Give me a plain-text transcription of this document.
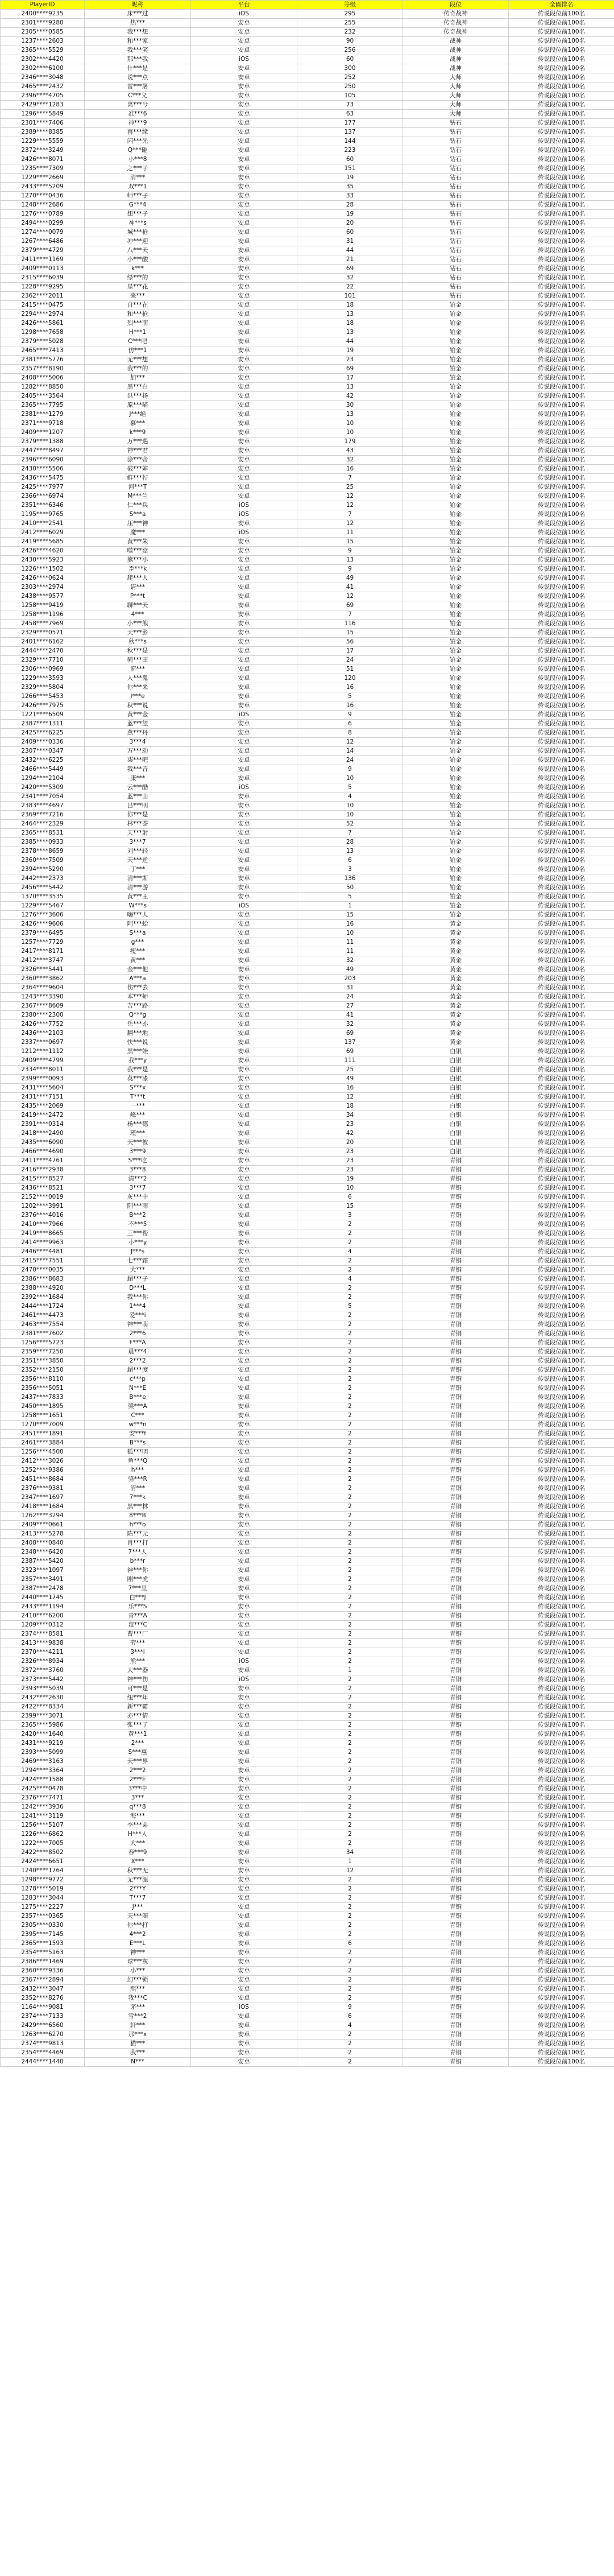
PlayerID	昵称	平台	等级	段位	全國排名
2400****9235	床***过	iOS	295	传奇战神	传说段位前100名
2301****9280	热***	安卓	255	传奇战神	传说段位前100名
2305****0585	我***想	安卓	232	传奇战神	传说段位前100名
1237****2603	和***家	安卓	90	战神	传说段位前100名
2365****5529	我***笑	安卓	256	战神	传说段位前100名
2302****4420	那***我	iOS	60	战神	传说段位前100名
2302****6100	什***是	安卓	300	战神	传说段位前100名
2346****3048	说***点	安卓	252	大师	传说段位前100名
2465****2432	雷***屠	安卓	250	大师	传说段位前100名
2396****4705	C***义	安卓	105	大师	传说段位前100名
2429****1283	离***兮	安卓	73	大师	传说段位前100名
1296****5849	准***6	安卓	63	大师	传说段位前100名
2301****7406	神***9	安卓	177	钻石	传说段位前100名
2389****8385	再***缘	安卓	137	钻石	传说段位前100名
1229****5559	闪***光	安卓	144	钻石	传说段位前100名
2372****3249	Q***碰	安卓	223	钻石	传说段位前100名
2426****8071	小***8	安卓	60	钻石	传说段位前100名
1235****7309	之***子	安卓	151	钻石	传说段位前100名
1229****2669	清***	安卓	19	钻石	传说段位前100名
2433****5209	双***1	安卓	35	钻石	传说段位前100名
1270****0436	师***子	安卓	33	钻石	传说段位前100名
1248****2686	G***4	安卓	28	钻石	传说段位前100名
1276****0789	想***子	安卓	19	钻石	传说段位前100名
2494****0299	神***s	安卓	20	钻石	传说段位前100名
1274****0079	城***枪	安卓	60	钻石	传说段位前100名
1267****6486	冲***迎	安卓	31	钻石	传说段位前100名
2379****4729	八***天	安卓	44	钻石	传说段位前100名
2411****1169	小***酸	安卓	21	钻石	传说段位前100名
2409****0113	k***	安卓	69	钻石	传说段位前100名
2315****6039	绿***的	安卓	32	钻石	传说段位前100名
1228****9295	星***花	安卓	22	钻石	传说段位前100名
2362****2011	来***	安卓	101	钻石	传说段位前100名
2415****0475	自***在	安卓	18	铂金	传说段位前100名
2294****2974	和***枪	安卓	13	铂金	传说段位前100名
2426****5861	烈***萌	安卓	18	铂金	传说段位前100名
1298****7658	H***1	安卓	13	铂金	传说段位前100名
2379****5028	C***吧	安卓	44	铂金	传说段位前100名
2465****7413	仿***1	安卓	19	铂金	传说段位前100名
2381****5776	无***想	安卓	23	铂金	传说段位前100名
2357****8190	我***的	安卓	69	铂金	传说段位前100名
2408****5006	加***	安卓	17	铂金	传说段位前100名
1282****8850	黑***白	安卓	13	铂金	传说段位前100名
2405****3564	洪***扬	安卓	42	铂金	传说段位前100名
2365****7795	原***喵	安卓	30	铂金	传说段位前100名
2381****1279	J***绝	安卓	13	铂金	传说段位前100名
2371****9718	慕***	安卓	10	铂金	传说段位前100名
2409****1207	k***9	安卓	10	铂金	传说段位前100名
2379****1388	万***遇	安卓	179	铂金	传说段位前100名
2447****8497	神***君	安卓	43	铂金	传说段位前100名
2396****6090	涂***帝	安卓	32	铂金	传说段位前100名
2430****5506	破***婶	安卓	16	铂金	传说段位前100名
2436****5475	鲜***柠	安卓	7	铂金	传说段位前100名
2425****7977	河***T	安卓	25	铂金	传说段位前100名
2366****6974	M***兰	安卓	12	铂金	传说段位前100名
2351****6346	仁***兵	iOS	12	铂金	传说段位前100名
1195****9765	S***a	iOS	7	铂金	传说段位前100名
2410****2541	压***神	安卓	12	铂金	传说段位前100名
2412****6029	魔***	iOS	11	铂金	传说段位前100名
2419****5685	黄***朱	安卓	15	铂金	传说段位前100名
2426****4620	噬***菇	安卓	9	铂金	传说段位前100名
2430****5923	熊***小	安卓	13	铂金	传说段位前100名
1226****1502	歪***k	安卓	9	铂金	传说段位前100名
2426****0624	爬***人	安卓	49	铂金	传说段位前100名
2303****2974	请***	安卓	41	铂金	传说段位前100名
2438****9577	P***t	安卓	12	铂金	传说段位前100名
1258****9419	聊***天	安卓	69	铂金	传说段位前100名
1258****1196	4***	安卓	7	铂金	传说段位前100名
2458****7969	小***熊	安卓	116	铂金	传说段位前100名
2329****0571	天***影	安卓	15	铂金	传说段位前100名
2401****6162	秋***s	安卓	56	铂金	传说段位前100名
2444****2470	秋***是	安卓	17	铂金	传说段位前100名
2329****7710	骑***田	安卓	24	铂金	传说段位前100名
2306****0969	窗***	安卓	51	铂金	传说段位前100名
1229****3593	人***鬼	安卓	120	铂金	传说段位前100名
2329****5804	你***来	安卓	16	铂金	传说段位前100名
1266****5453	I***e	安卓	5	铂金	传说段位前100名
2426****7975	秋***说	安卓	16	铂金	传说段位前100名
1221****6509	黄***金	iOS	9	铂金	传说段位前100名
2387****1311	蓝***望	安卓	6	铂金	传说段位前100名
2425****6225	燕***丹	安卓	8	铂金	传说段位前100名
2409****0336	3***4	安卓	12	铂金	传说段位前100名
2307****0347	万***动	安卓	14	铂金	传说段位前100名
2432****6225	柒***吧	安卓	24	铂金	传说段位前100名
2466****5449	我***音	安卓	9	铂金	传说段位前100名
1294****2104	康***	安卓	10	铂金	传说段位前100名
2420****5309	云***酷	iOS	5	铂金	传说段位前100名
2341****7054	蓝***山	安卓	4	铂金	传说段位前100名
2383****4697	吕***明	安卓	10	铂金	传说段位前100名
2369****7216	你***是	安卓	10	铂金	传说段位前100名
2464****2329	林***茶	安卓	52	铂金	传说段位前100名
2365****8531	天***射	安卓	7	铂金	传说段位前100名
2385****0933	3***7	安卓	28	铂金	传说段位前100名
2378****8659	刘***轻	安卓	13	铂金	传说段位前100名
2360****7509	天***逆	安卓	6	铂金	传说段位前100名
2394****5290	丁***	安卓	3	铂金	传说段位前100名
2442****2373	清***斯	安卓	136	铂金	传说段位前100名
2456****5442	清***游	安卓	50	铂金	传说段位前100名
1370****3535	黄***王	安卓	5	铂金	传说段位前100名
1229****5467	W***s	iOS	1	铂金	传说段位前100名
1276****3606	嗨***人	安卓	15	铂金	传说段位前100名
2426****9606	阿***蛤	安卓	16	黄金	传说段位前100名
2379****6495	S***a	安卓	10	黄金	传说段位前100名
1257****7729	g***	安卓	11	黄金	传说段位前100名
2417****8171	瘦***	安卓	11	黄金	传说段位前100名
2412****3747	黄***	安卓	32	黄金	传说段位前100名
2326****5441	金***他	安卓	49	黄金	传说段位前100名
2360****3862	A***a	安卓	203	黄金	传说段位前100名
2364****9604	伤***去	安卓	31	黄金	传说段位前100名
1243****3390	本***师	安卓	24	黄金	传说段位前100名
2367****8609	苦***路	安卓	27	黄金	传说段位前100名
2380****2300	Q***g	安卓	41	黄金	传说段位前100名
2426****7752	岳***亦	安卓	32	黄金	传说段位前100名
2436****2103	翻***地	安卓	69	黄金	传说段位前100名
2337****0697	快***说	安卓	137	黄金	传说段位前100名
1212****1112	黑***娃	安卓	69	白银	传说段位前100名
2409****4799	我***y	安卓	111	白银	传说段位前100名
2334****8011	我***是	安卓	25	白银	传说段位前100名
2399****0093	莫***漆	安卓	49	白银	传说段位前100名
2431****5604	S***x	安卓	16	白银	传说段位前100名
2431****7151	T***t	安卓	12	白银	传说段位前100名
2435****2069	一***	安卓	18	白银	传说段位前100名
2419****2472	峰***	安卓	34	白银	传说段位前100名
2391****0314	杨***德	安卓	23	白银	传说段位前100名
2418****2490	瑾***	安卓	42	白银	传说段位前100名
2435****6090	天***彼	安卓	20	白银	传说段位前100名
2466****4690	3***9	安卓	23	白银	传说段位前100名
2411****4761	S***吃	安卓	23	青铜	传说段位前100名
2416****2938	3***8	安卓	23	青铜	传说段位前100名
2415****8527	清***2	安卓	19	青铜	传说段位前100名
2436****8521	3***7	安卓	10	青铜	传说段位前100名
2152****0019	灰***中	安卓	6	青铜	传说段位前100名
1202****3991	阳***雨	安卓	15	青铜	传说段位前100名
2376****4016	B***2	安卓	3	青铜	传说段位前100名
2410****7966	不***5	安卓	2	青铜	传说段位前100名
2419****8665	三***帮	安卓	2	青铜	传说段位前100名
2414****9963	小***y	安卓	2	青铜	传说段位前100名
2446****4481	J***s	安卓	4	青铜	传说段位前100名
2415****7551	七***霜	安卓	2	青铜	传说段位前100名
2470****0035	大***	安卓	2	青铜	传说段位前100名
2386****8683	超***子	安卓	4	青铜	传说段位前100名
2388****4920	D***L	安卓	2	青铜	传说段位前100名
2392****1684	我***你	安卓	2	青铜	传说段位前100名
2444****1724	1***4	安卓	5	青铜	传说段位前100名
2461****4473	爱***i	安卓	2	青铜	传说段位前100名
2463****7554	神***萌	安卓	2	青铜	传说段位前100名
2381****7602	2***6	安卓	2	青铜	传说段位前100名
1256****5723	F***A	安卓	2	青铜	传说段位前100名
2359****7250	晨***4	安卓	2	青铜	传说段位前100名
2351****3850	2***2	安卓	2	青铜	传说段位前100名
2352****2150	超***度	安卓	2	青铜	传说段位前100名
2356****8110	c***p	安卓	2	青铜	传说段位前100名
2356****5051	N***E	安卓	2	青铜	传说段位前100名
2437****7833	B***e	安卓	2	青铜	传说段位前100名
2450****1895	梁***A	安卓	2	青铜	传说段位前100名
1258****1651	C***	安卓	2	青铜	传说段位前100名
1270****7009	w***n	安卓	2	青铜	传说段位前100名
2451****1891	安***f	安卓	2	青铜	传说段位前100名
2461****3884	B***s	安卓	2	青铜	传说段位前100名
1256****4500	狐***明	安卓	2	青铜	传说段位前100名
2412****3026	鱼***Q	安卓	2	青铜	传说段位前100名
1252****9386	h***	安卓	2	青铜	传说段位前100名
2451****8684	骆***R	安卓	2	青铜	传说段位前100名
2376****9381	清***	安卓	2	青铜	传说段位前100名
2347****1697	7***k	安卓	2	青铜	传说段位前100名
2418****1684	黑***林	安卓	2	青铜	传说段位前100名
1262****3294	8***B	安卓	2	青铜	传说段位前100名
2409****0661	h***o	安卓	2	青铜	传说段位前100名
2413****5278	陈***元	安卓	2	青铜	传说段位前100名
2408****0840	肖***打	安卓	2	青铜	传说段位前100名
2348****6420	7***人	安卓	2	青铜	传说段位前100名
2387****5420	b***r	安卓	2	青铜	传说段位前100名
2323****1097	神***你	安卓	2	青铜	传说段位前100名
2357****3491	刚***虎	安卓	2	青铜	传说段位前100名
2387****2478	7***里	安卓	2	青铜	传说段位前100名
2440****1745	白***J	安卓	2	青铜	传说段位前100名
2433****1194	乐***S	安卓	2	青铜	传说段位前100名
2410****6200	青***A	安卓	2	青铜	传说段位前100名
1209****0312	莓***C	安卓	2	青铜	传说段位前100名
2374****8581	曹***厂	安卓	2	青铜	传说段位前100名
2413****9838	劳***	安卓	2	青铜	传说段位前100名
2370****4211	3***i	安卓	2	青铜	传说段位前100名
2326****8934	熊***	iOS	2	青铜	传说段位前100名
2372****3760	大***器	安卓	1	青铜	传说段位前100名
2373****5442	神***伤	iOS	2	青铜	传说段位前100名
2393****5039	可***是	安卓	2	青铜	传说段位前100名
2432****2630	纽***年	安卓	2	青铜	传说段位前100名
2422****8334	新***霸	安卓	2	青铜	传说段位前100名
2399****3071	亦***情	安卓	2	青铜	传说段位前100名
2365****5986	张***了	安卓	2	青铜	传说段位前100名
2420****1640	黄***1	安卓	2	青铜	传说段位前100名
2431****9219	2***	安卓	2	青铜	传说段位前100名
2393****5099	S***惠	安卓	2	青铜	传说段位前100名
2469****3163	天***界	安卓	2	青铜	传说段位前100名
1294****3364	2***2	安卓	2	青铜	传说段位前100名
2424****1588	2***E	安卓	2	青铜	传说段位前100名
2425****0478	3***中	安卓	2	青铜	传说段位前100名
2376****7471	3***	安卓	2	青铜	传说段位前100名
1242****3936	q***8	安卓	2	青铜	传说段位前100名
1241****3119	海***	安卓	2	青铜	传说段位前100名
1256****5107	李***弟	安卓	2	青铜	传说段位前100名
1226****6862	H***人	安卓	2	青铜	传说段位前100名
1222****7005	大***	安卓	2	青铜	传说段位前100名
2422****8502	春***9	安卓	34	青铜	传说段位前100名
2424****6651	X***	安卓	1	青铜	传说段位前100名
1240****1764	秋***无	安卓	12	青铜	传说段位前100名
1298****9772	无***涯	安卓	2	青铜	传说段位前100名
1278****5019	2***Y	安卓	2	青铜	传说段位前100名
1283****3044	T***7	安卓	2	青铜	传说段位前100名
1275****2227	J***	安卓	2	青铜	传说段位前100名
2357****0365	天***阁	安卓	2	青铜	传说段位前100名
2305****0330	你***打	安卓	2	青铜	传说段位前100名
2395****7145	4***2	安卓	2	青铜	传说段位前100名
2365****1593	E***L	安卓	6	青铜	传说段位前100名
2354****5163	神***	安卓	2	青铜	传说段位前100名
2386****1469	球***灰	安卓	2	青铜	传说段位前100名
2360****9336	小***	安卓	2	青铜	传说段位前100名
2367****2894	幻***锁	安卓	2	青铜	传说段位前100名
2432****3047	熙***	安卓	2	青铜	传说段位前100名
2352****8276	我***C	安卓	2	青铜	传说段位前100名
1164****9081	茅***	iOS	9	青铜	传说段位前100名
2374****7133	雪***2	安卓	6	青铜	传说段位前100名
2429****6560	轩***	安卓	4	青铜	传说段位前100名
1263****6270	那***x	安卓	2	青铜	传说段位前100名
2374****9813	猫***	安卓	2	青铜	传说段位前100名
2354****4469	我***	安卓	2	青铜	传说段位前100名
2444****1440	N***	安卓	2	青铜	传说段位前100名
